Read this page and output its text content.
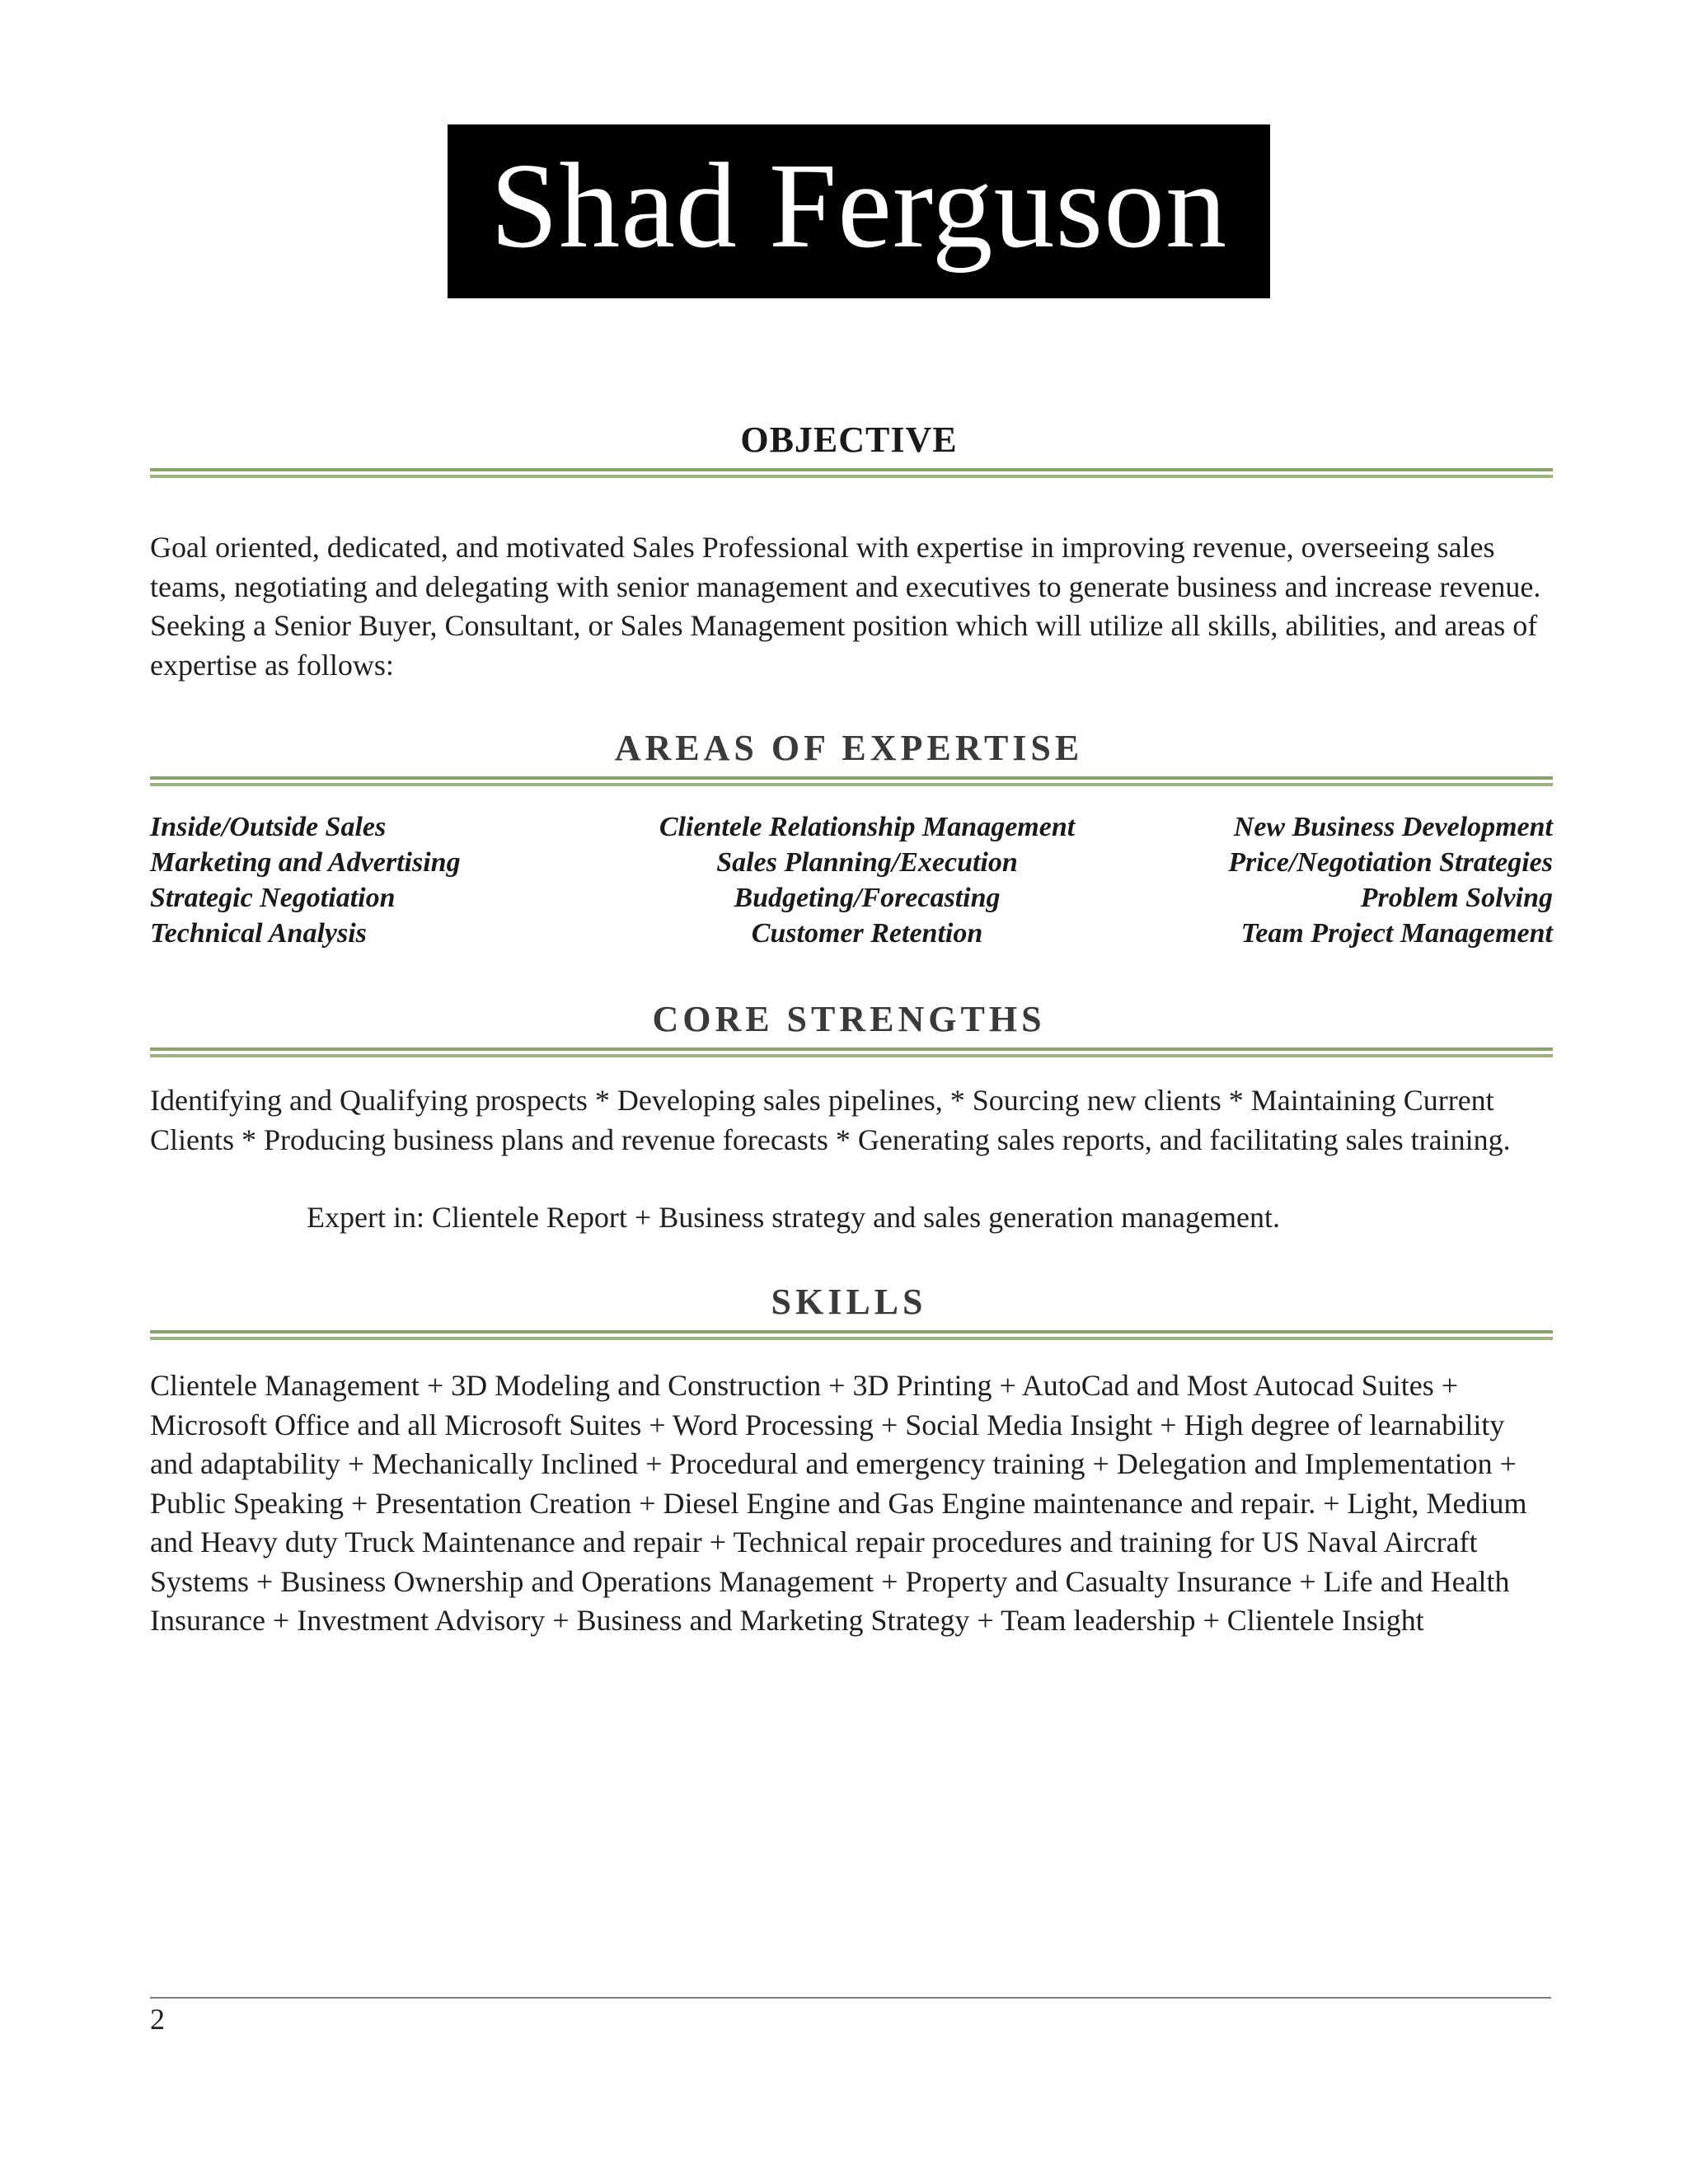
Shad Ferguson
OBJECTIVE
Goal oriented, dedicated, and motivated Sales Professional with expertise in improving revenue, overseeing sales teams, negotiating and delegating with senior management and executives to generate business and increase revenue. Seeking a Senior Buyer, Consultant, or Sales Management position which will utilize all skills, abilities, and areas of expertise as follows:
AREAS OF EXPERTISE
Inside/Outside Sales
Marketing and Advertising
Strategic Negotiation
Technical Analysis
Clientele Relationship Management
Sales Planning/Execution
Budgeting/Forecasting
Customer Retention
New Business Development
Price/Negotiation Strategies
Problem Solving
Team Project Management
CORE STRENGTHS
Identifying and Qualifying prospects * Developing sales pipelines, * Sourcing new clients * Maintaining Current Clients * Producing business plans and revenue forecasts * Generating sales reports, and facilitating sales training.
Expert in: Clientele Report + Business strategy and sales generation management.
SKILLS
Clientele Management + 3D Modeling and Construction + 3D Printing + AutoCad and Most Autocad Suites + Microsoft Office and all Microsoft Suites + Word Processing + Social Media Insight + High degree of learnability and adaptability + Mechanically Inclined + Procedural and emergency training + Delegation and Implementation + Public Speaking + Presentation Creation + Diesel Engine and Gas Engine maintenance and repair. + Light, Medium and Heavy duty Truck Maintenance and repair + Technical repair procedures and training for US Naval Aircraft Systems + Business Ownership and Operations Management + Property and Casualty Insurance + Life and Health Insurance + Investment Advisory + Business and Marketing Strategy + Team leadership + Clientele Insight
2
